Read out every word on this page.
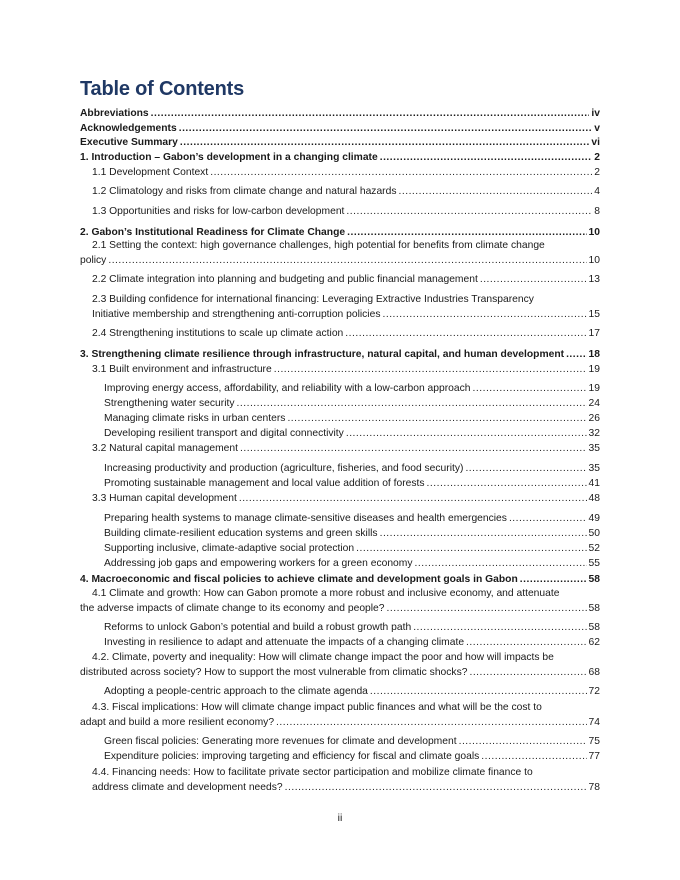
Table of Contents
Abbreviations .....	iv
Acknowledgements .....	v
Executive Summary .....	vi
1. Introduction – Gabon’s development in a changing climate .....	2
1.1 Development Context .....	2
1.2 Climatology and risks from climate change and natural hazards .....	4
1.3 Opportunities and risks for low-carbon development .....	8
2. Gabon’s Institutional Readiness for Climate Change .....	10
2.1 Setting the context: high governance challenges, high potential for benefits from climate change
policy .....	10
2.2 Climate integration into planning and budgeting and public financial management .....	13
2.3 Building confidence for international financing: Leveraging Extractive Industries Transparency
Initiative membership and strengthening anti-corruption policies .....	15
2.4 Strengthening institutions to scale up climate action .....	17
3. Strengthening climate resilience through infrastructure, natural capital, and human development ..... 18
3.1 Built environment and infrastructure .....	19
Improving energy access, affordability, and reliability with a low-carbon approach .....	19
Strengthening water security .....	24
Managing climate risks in urban centers .....	26
Developing resilient transport and digital connectivity .....	32
3.2 Natural capital management .....	35
Increasing productivity and production (agriculture, fisheries, and food security) .....	35
Promoting sustainable management and local value addition of forests .....	41
3.3 Human capital development .....	48
Preparing health systems to manage climate-sensitive diseases and health emergencies .....	49
Building climate-resilient education systems and green skills .....	50
Supporting inclusive, climate-adaptive social protection .....	52
Addressing job gaps and empowering workers for a green economy .....	55
4. Macroeconomic and fiscal policies to achieve climate and development goals in Gabon .....	58
4.1 Climate and growth: How can Gabon promote a more robust and inclusive economy, and attenuate
the adverse impacts of climate change to its economy and people? .....	58
Reforms to unlock Gabon’s potential and build a robust growth path .....	58
Investing in resilience to adapt and attenuate the impacts of a changing climate .....	62
4.2. Climate, poverty and inequality: How will climate change impact the poor and how will impacts be
distributed across society? How to support the most vulnerable from climatic shocks? .....	68
Adopting a people-centric approach to the climate agenda .....	72
4.3. Fiscal implications: How will climate change impact public finances and what will be the cost to
adapt and build a more resilient economy? .....	74
Green fiscal policies: Generating more revenues for climate and development .....	75
Expenditure policies: improving targeting and efficiency for fiscal and climate goals .....	77
4.4. Financing needs: How to facilitate private sector participation and mobilize climate finance to
address climate and development needs? .....	78
ii
